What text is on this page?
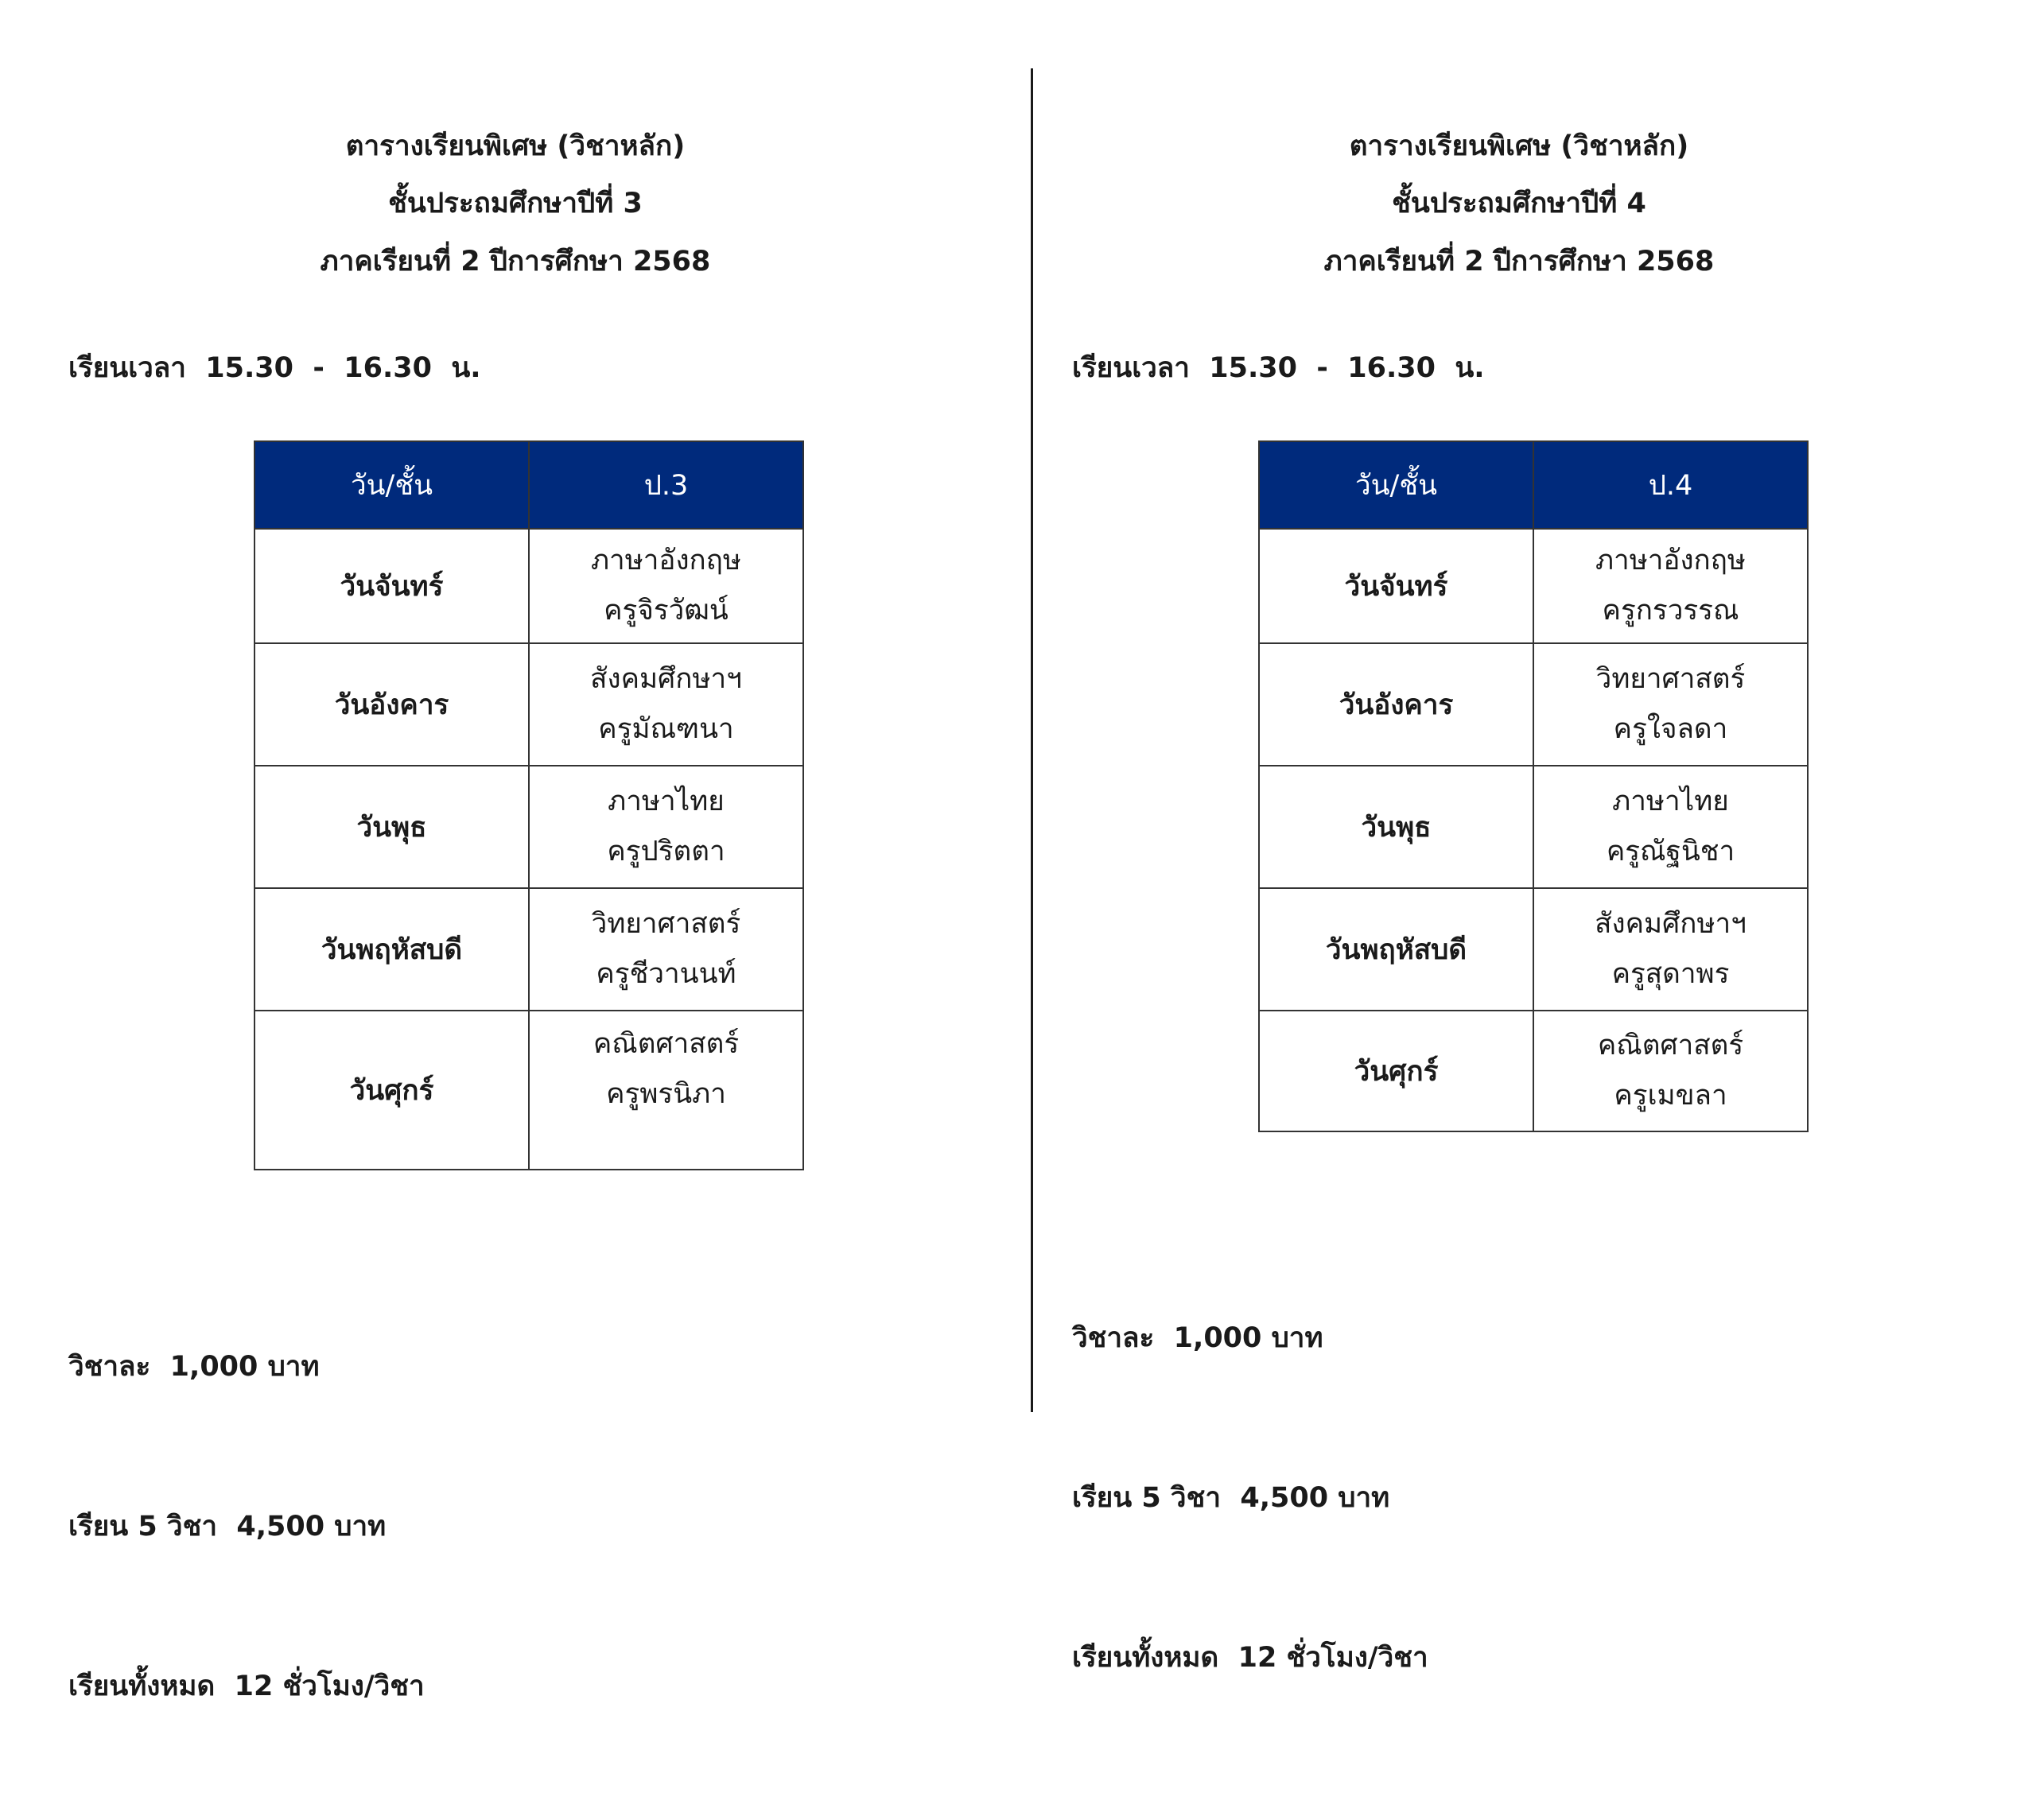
ตารางเรียนพิเศษ (วิชาหลัก)
ชั้นประถมศึกษาปีที่ 3
ภาคเรียนที่ 2 ปีการศึกษา 2568
เรียนเวลา  15.30  -  16.30  น.
วัน/ชั้น	ป.3
วันจันทร์	ภาษาอังกฤษ
ครูจิรวัฒน์

วันอังคาร	สังคมศึกษาฯ
ครูมัณฑนา

วันพุธ	ภาษาไทย
ครูปริตตา

วันพฤหัสบดี	วิทยาศาสตร์
ครูชีวานนท์

วันศุกร์	คณิตศาสตร์
ครูพรนิภา

วิชาละ  1,000 บาท

เรียน 5 วิชา  4,500 บาท

เรียนทั้งหมด  12 ชั่วโมง/วิชา

ตารางเรียนพิเศษ (วิชาหลัก)
ชั้นประถมศึกษาปีที่ 4
ภาคเรียนที่ 2 ปีการศึกษา 2568
เรียนเวลา  15.30  -  16.30  น.
วัน/ชั้น	ป.4
วันจันทร์	ภาษาอังกฤษ
ครูกรวรรณ

วันอังคาร	วิทยาศาสตร์
ครูใจลดา

วันพุธ	ภาษาไทย
ครูณัฐนิชา

วันพฤหัสบดี	สังคมศึกษาฯ
ครูสุดาพร

วันศุกร์	คณิตศาสตร์
ครูเมขลา

วิชาละ  1,000 บาท

เรียน 5 วิชา  4,500 บาท

เรียนทั้งหมด  12 ชั่วโมง/วิชา
